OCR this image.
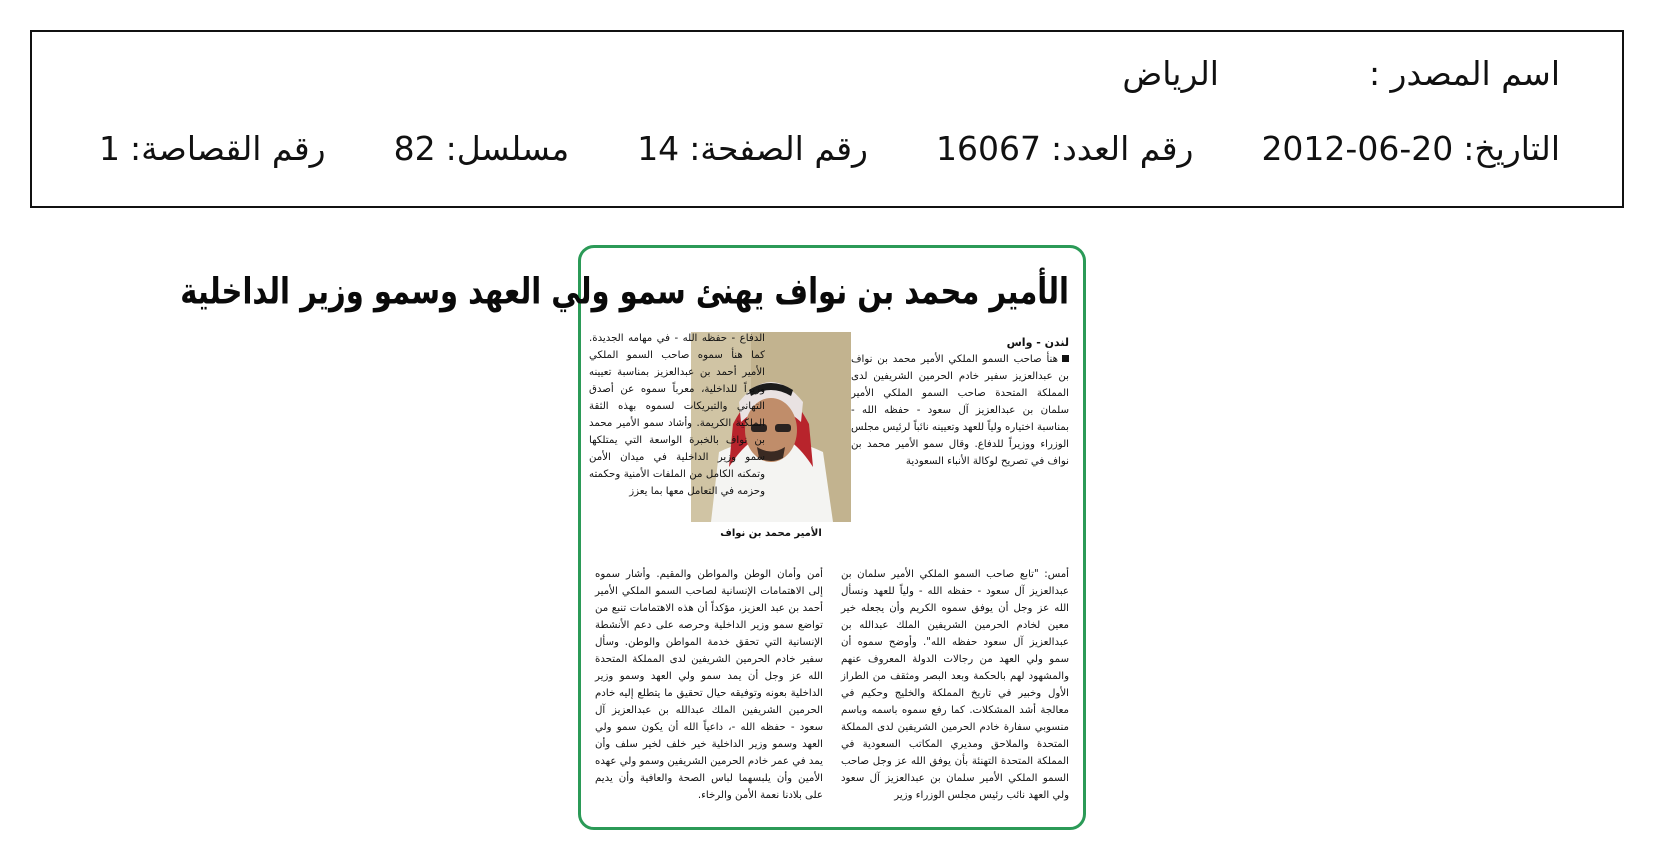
اسم المصدر :
الرياض
التاريخ:
2012-06-20
رقم العدد:
16067
رقم الصفحة:
14
مسلسل:
82
رقم القصاصة:
1
الأمير محمد بن نواف يهنئ سمو ولي العهد وسمو وزير الداخلية
لندن - واس
هنأ صاحب السمو الملكي الأمير محمد بن نواف بن عبدالعزيز سفير خادم الحرمين الشريفين لدى المملكة المتحدة صاحب السمو الملكي الأمير سلمان بن عبدالعزيز آل سعود - حفظه الله - بمناسبة اختياره ولياً للعهد وتعيينه نائباً لرئيس مجلس الوزراء ووزيراً للدفاع. وقال سمو الأمير محمد بن نواف في تصريح لوكالة الأنباء السعودية
الأمير محمد بن نواف
الدفاع - حفظه الله - في مهامه الجديدة. كما هنأ سموه صاحب السمو الملكي الأمير أحمد بن عبدالعزيز بمناسبة تعيينه وزيراً للداخلية، معرباً سموه عن أصدق التهاني والتبريكات لسموه بهذه الثقة الملكية الكريمة. وأشاد سمو الأمير محمد بن نواف بالخبرة الواسعة التي يمتلكها سمو وزير الداخلية في ميدان الأمن وتمكنه الكامل من الملفات الأمنية وحكمته وحزمه في التعامل معها بما يعزز
أمس: "تابع صاحب السمو الملكي الأمير سلمان بن عبدالعزيز آل سعود - حفظه الله - ولياً للعهد ونسأل الله عز وجل أن يوفق سموه الكريم وأن يجعله خير معين لخادم الحرمين الشريفين الملك عبدالله بن عبدالعزيز آل سعود حفظه الله". وأوضح سموه أن سمو ولي العهد من رجالات الدولة المعروف عنهم والمشهود لهم بالحكمة وبعد البصر ومثقف من الطراز الأول وخبير في تاريخ المملكة والخليج وحكيم في معالجة أشد المشكلات. كما رفع سموه باسمه وباسم منسوبي سفارة خادم الحرمين الشريفين لدى المملكة المتحدة والملاحق ومديري المكاتب السعودية في المملكة المتحدة التهنئة بأن يوفق الله عز وجل صاحب السمو الملكي الأمير سلمان بن عبدالعزيز آل سعود ولي العهد نائب رئيس مجلس الوزراء وزير
أمن وأمان الوطن والمواطن والمقيم. وأشار سموه إلى الاهتمامات الإنسانية لصاحب السمو الملكي الأمير أحمد بن عبد العزيز، مؤكداً أن هذه الاهتمامات تنبع من تواضع سمو وزير الداخلية وحرصه على دعم الأنشطة الإنسانية التي تحقق خدمة المواطن والوطن. وسأل سفير خادم الحرمين الشريفين لدى المملكة المتحدة الله عز وجل أن يمد سمو ولي العهد وسمو وزير الداخلية بعونه وتوفيقه حيال تحقيق ما يتطلع إليه خادم الحرمين الشريفين الملك عبدالله بن عبدالعزيز آل سعود - حفظه الله -، داعياً الله أن يكون سمو ولي العهد وسمو وزير الداخلية خير خلف لخير سلف وأن يمد في عمر خادم الحرمين الشريفين وسمو ولي عهده الأمين وأن يلبسهما لباس الصحة والعافية وأن يديم على بلادنا نعمة الأمن والرخاء.
